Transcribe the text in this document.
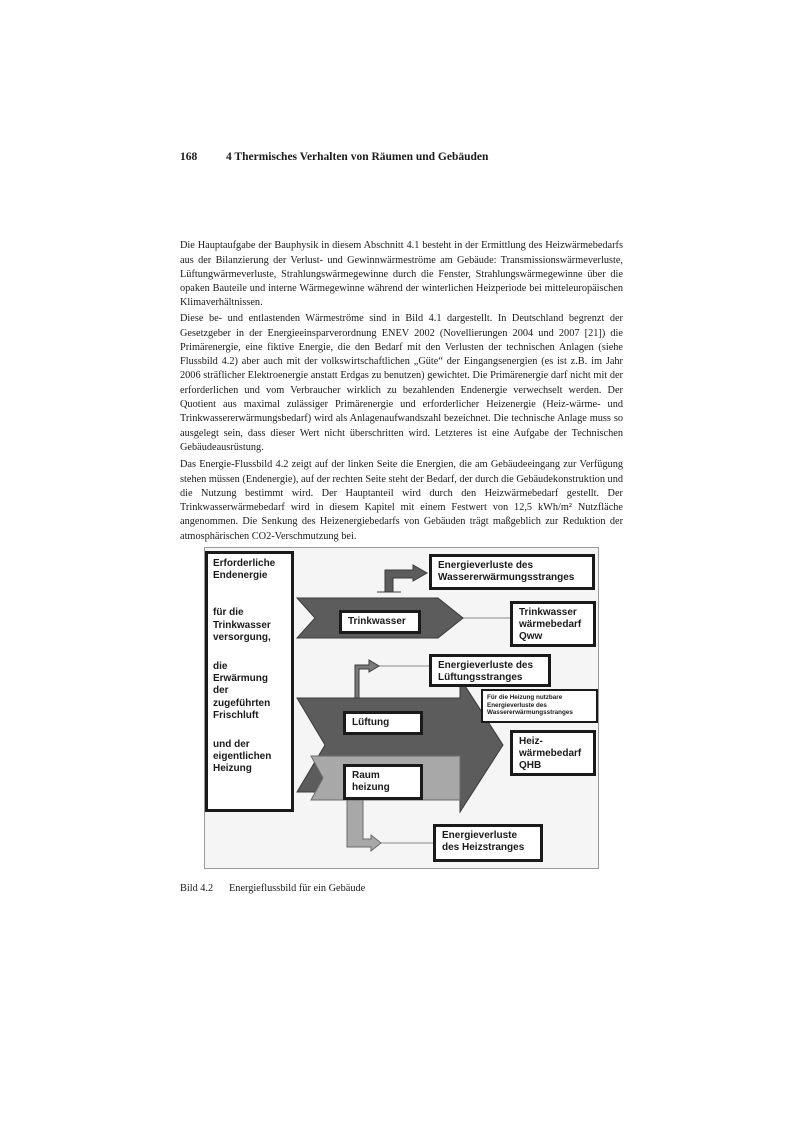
168	4 Thermisches Verhalten von Räumen und Gebäuden

Die Hauptaufgabe der Bauphysik in diesem Abschnitt 4.1 besteht in der Ermittlung des Heizwärmebedarfs aus der Bilanzierung der Verlust- und Gewinnwärmeströme am Gebäude: Transmissionswärmeverluste, Lüftungwärmeverluste, Strahlungswärmegewinne durch die Fenster, Strahlungswärmegewinne über die opaken Bauteile und interne Wärmegewinne während der winterlichen Heizperiode bei mitteleuropäischen Klimaverhältnissen.

Diese be- und entlastenden Wärmeströme sind in Bild 4.1 dargestellt. In Deutschland begrenzt der Gesetzgeber in der Energieeinsparverordnung ENEV 2002 (Novellierungen 2004 und 2007 [21]) die Primärenergie, eine fiktive Energie, die den Bedarf mit den Verlusten der technischen Anlagen (siehe Flussbild 4.2) aber auch mit der volkswirtschaftlichen „Güte“ der Eingangsenergien (es ist z.B. im Jahr 2006 sträflicher Elektroenergie anstatt Erdgas zu benutzen) gewichtet. Die Primärenergie darf nicht mit der erforderlichen und vom Verbraucher wirklich zu bezahlenden Endenergie verwechselt werden. Der Quotient aus maximal zulässiger Primärenergie und erforderlicher Heizenergie (Heiz-wärme- und Trinkwassererwärmungsbedarf) wird als Anlagenaufwandszahl bezeichnet. Die technische Anlage muss so ausgelegt sein, dass dieser Wert nicht überschritten wird. Letzteres ist eine Aufgabe der Technischen Gebäudeausrüstung.

Das Energie-Flussbild 4.2 zeigt auf der linken Seite die Energien, die am Gebäudeeingang zur Verfügung stehen müssen (Endenergie), auf der rechten Seite steht der Bedarf, der durch die Gebäudekonstruktion und die Nutzung bestimmt wird. Der Hauptanteil wird durch den Heizwärmebedarf gestellt. Der Trinkwasserwärmebedarf wird in diesem Kapitel mit einem Festwert von 12,5 kWh/m² Nutzfläche angenommen. Die Senkung des Heizenergiebedarfs von Gebäuden trägt maßgeblich zur Reduktion der atmosphärischen CO2-Verschmutzung bei.

Erforderliche
Endenergie
für die
Trinkwasser
versorgung,
die
Erwärmung
der
zugeführten
Frischluft
und der
eigentlichen
Heizung
Trinkwasser
Lüftung
Raum
heizung
Energieverluste des
Wassererwärmungsstranges
Trinkwasser
wärmebedarf
Qww
Energieverluste des
Lüftungsstranges
Für die Heizung nutzbare
Energieverluste des
Wassererwärmungsstranges
Heiz-
wärmebedarf
QHB
Energieverluste
des Heizstranges
Bild 4.2 Energieflussbild für ein Gebäude
